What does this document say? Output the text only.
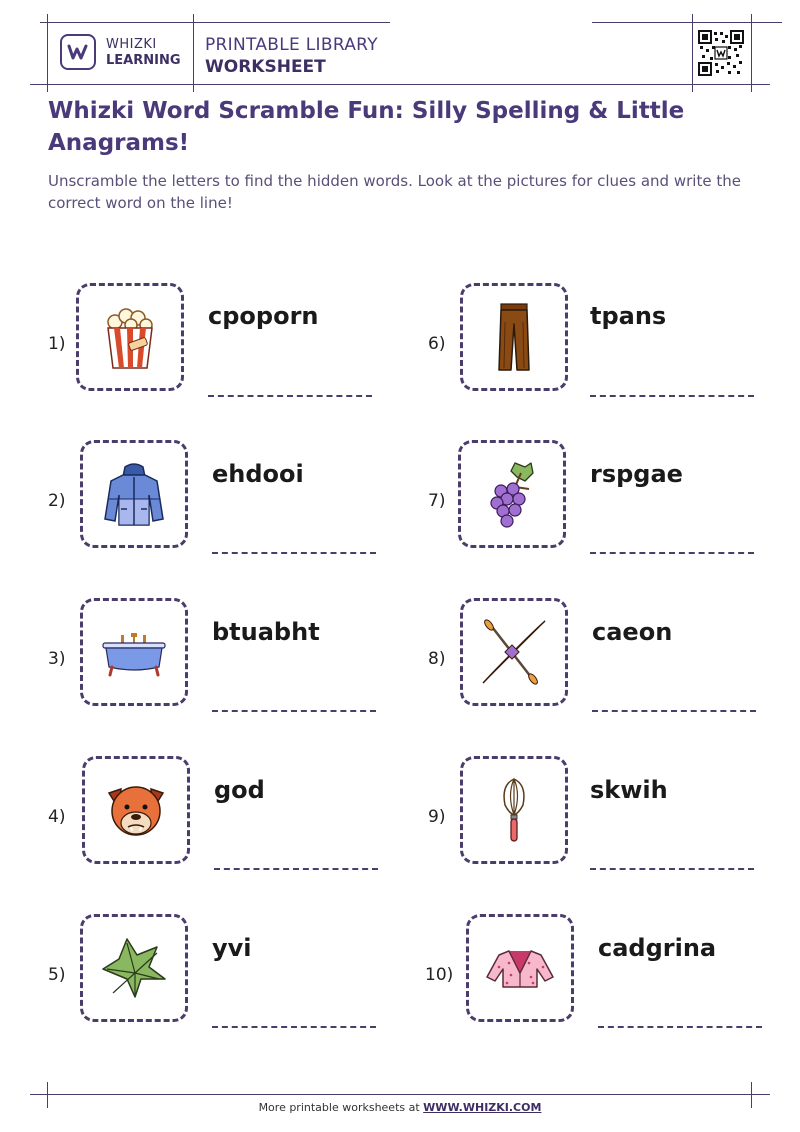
WHIZKI
LEARNING
PRINTABLE LIBRARY
WORKSHEET
Whizki Word Scramble Fun: Silly Spelling & Little Anagrams!
Unscramble the letters to find the hidden words. Look at the pictures for clues and write the correct word on the line!
1)
cpoporn
2)
ehdooi
3)
btuabht
4)
god
5)
yvi
6)
tpans
7)
rspgae
8)
caeon
9)
skwih
10)
cadgrina
More printable worksheets at WWW.WHIZKI.COM
